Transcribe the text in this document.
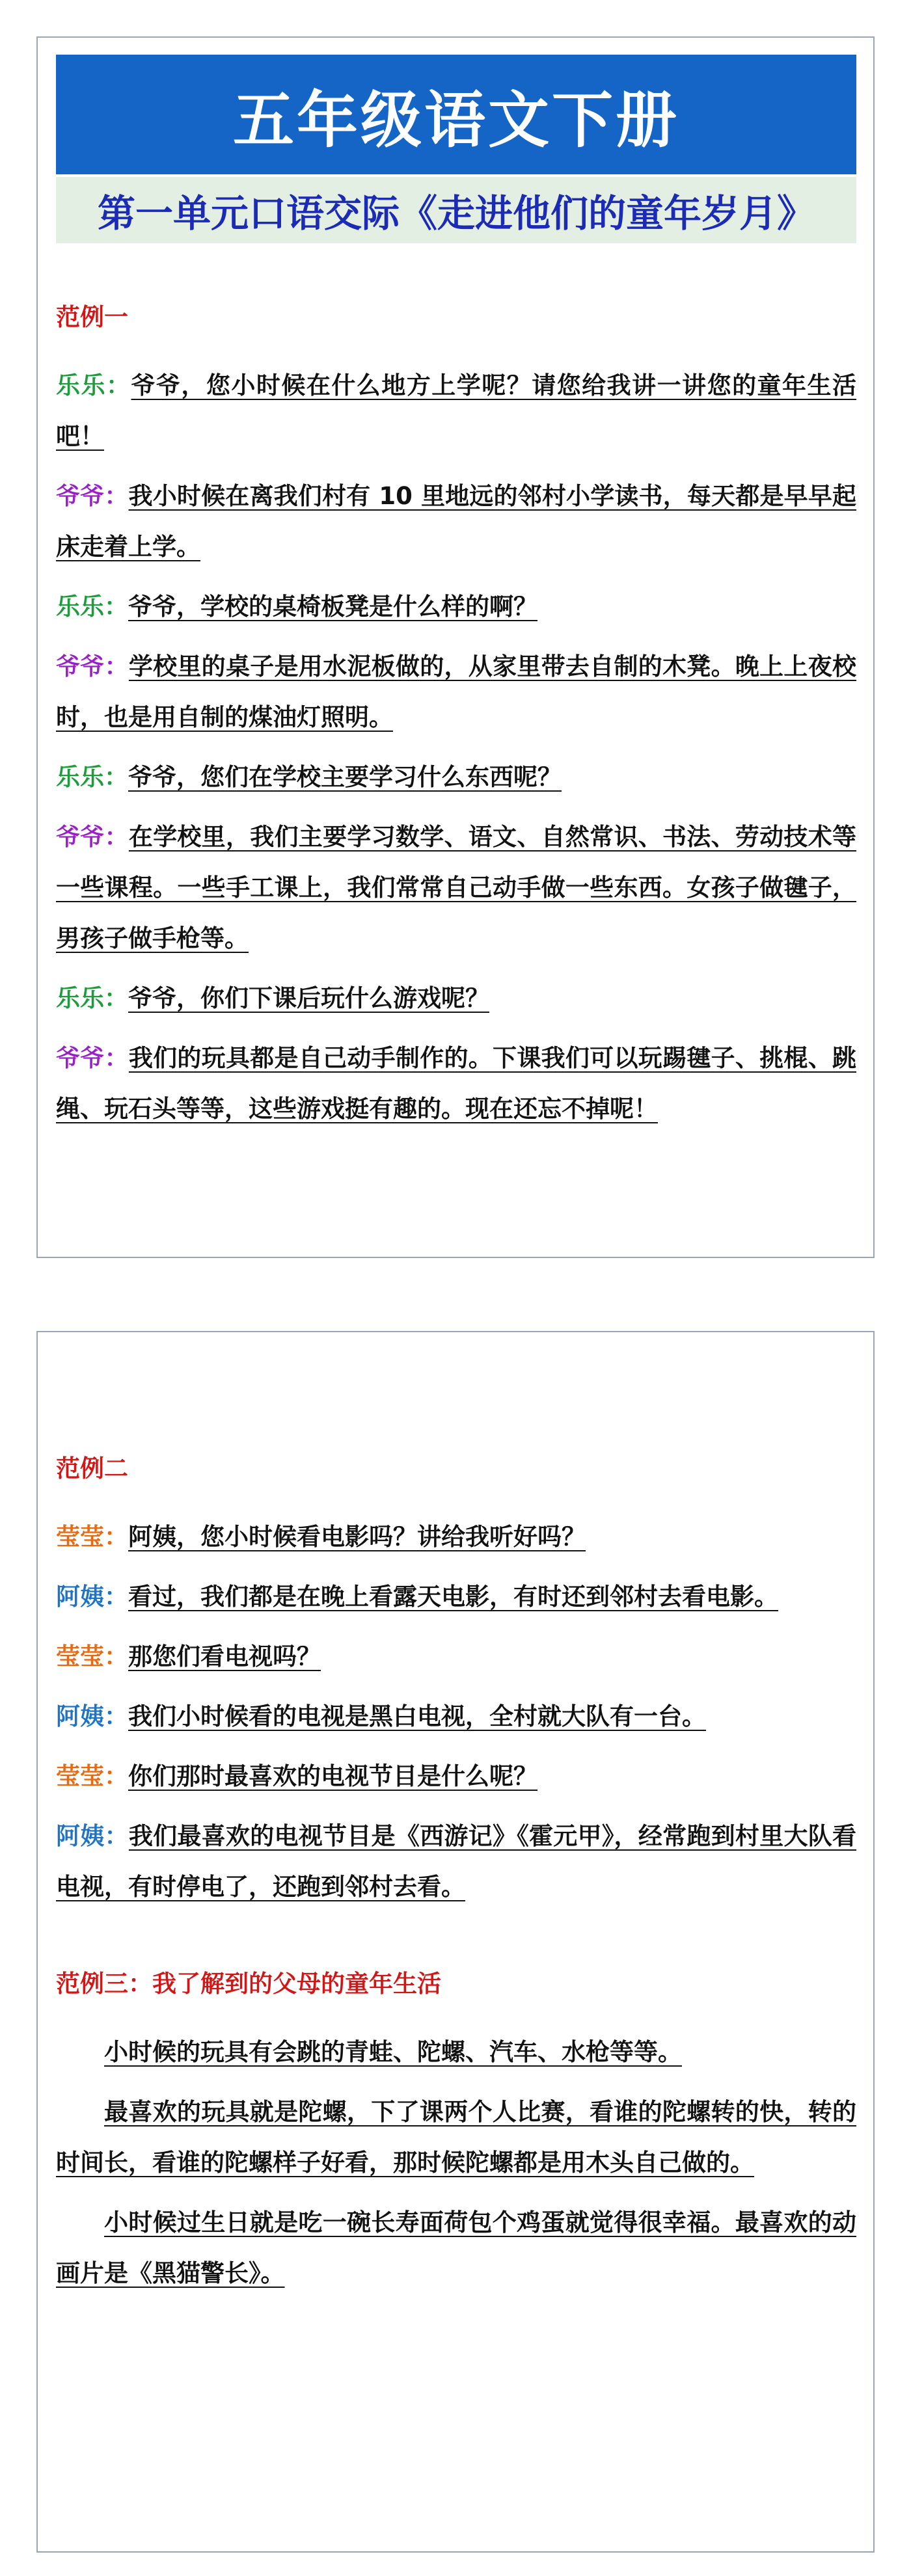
五年级语文下册
第一单元口语交际《走进他们的童年岁月》
范例一

乐乐：爷爷，您小时候在什么地方上学呢？请您给我讲一讲您的童年生活吧！

爷爷：我小时候在离我们村有 10 里地远的邻村小学读书，每天都是早早起床走着上学。

乐乐：爷爷，学校的桌椅板凳是什么样的啊？

爷爷：学校里的桌子是用水泥板做的，从家里带去自制的木凳。晚上上夜校时，也是用自制的煤油灯照明。

乐乐：爷爷，您们在学校主要学习什么东西呢？

爷爷：在学校里，我们主要学习数学、语文、自然常识、书法、劳动技术等一些课程。一些手工课上，我们常常自己动手做一些东西。女孩子做毽子，男孩子做手枪等。

乐乐：爷爷，你们下课后玩什么游戏呢？

爷爷：我们的玩具都是自己动手制作的。下课我们可以玩踢毽子、挑棍、跳绳、玩石头等等，这些游戏挺有趣的。现在还忘不掉呢！

范例二

莹莹：阿姨，您小时候看电影吗？讲给我听好吗？

阿姨：看过，我们都是在晚上看露天电影，有时还到邻村去看电影。

莹莹：那您们看电视吗？

阿姨：我们小时候看的电视是黑白电视，全村就大队有一台。

莹莹：你们那时最喜欢的电视节目是什么呢？

阿姨：我们最喜欢的电视节目是《西游记》《霍元甲》，经常跑到村里大队看电视，有时停电了，还跑到邻村去看。

范例三：我了解到的父母的童年生活

小时候的玩具有会跳的青蛙、陀螺、汽车、水枪等等。

最喜欢的玩具就是陀螺，下了课两个人比赛，看谁的陀螺转的快，转的时间长，看谁的陀螺样子好看，那时候陀螺都是用木头自己做的。

小时候过生日就是吃一碗长寿面荷包个鸡蛋就觉得很幸福。最喜欢的动画片是《黑猫警长》。
